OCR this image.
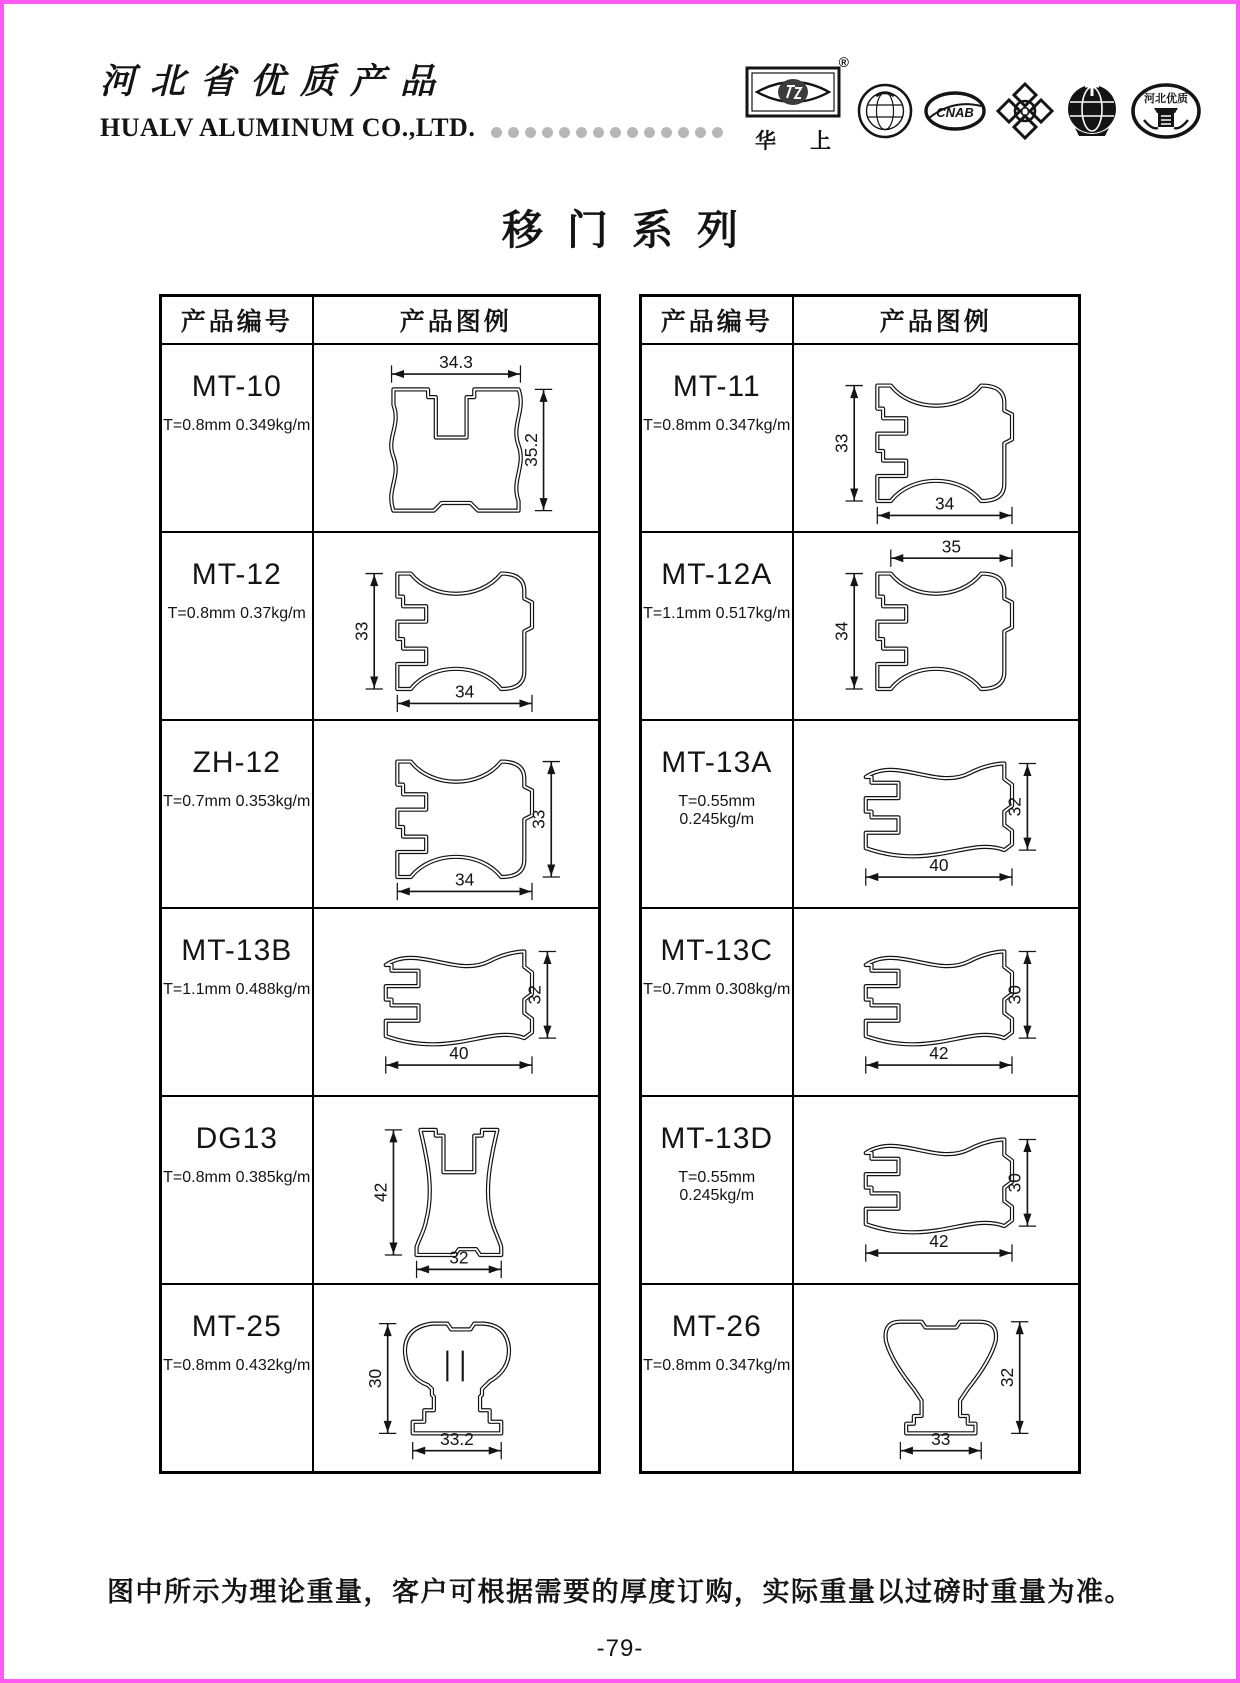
河北省优质产品
HUALV ALUMINUM CO.,LTD.
®
华 上
CNAB	Q
河北优质
移门系列
产品编号	产品图例

MT-10
T=0.8mm 0.349kg/m

34.3
35.2

MT-12
T=0.8mm 0.37kg/m

33
34

ZH-12
T=0.7mm 0.353kg/m

33
34

MT-13B
T=1.1mm 0.488kg/m	32
40

DG13
T=0.8mm 0.385kg/m

42
32

MT-25
T=0.8mm 0.432kg/m

30
33.2
产品编号	产品图例

MT-11
T=0.8mm 0.347kg/m

33
34

MT-12A
T=1.1mm 0.517kg/m

35
34

MT-13A
T=0.55mm 0.245kg/m

32
40

MT-13C
T=0.7mm 0.308kg/m	30
42

MT-13D
T=0.55mm 0.245kg/m

30
42

MT-26
T=0.8mm 0.347kg/m

32
33
图中所示为理论重量，客户可根据需要的厚度订购，实际重量以过磅时重量为准。
-79-
